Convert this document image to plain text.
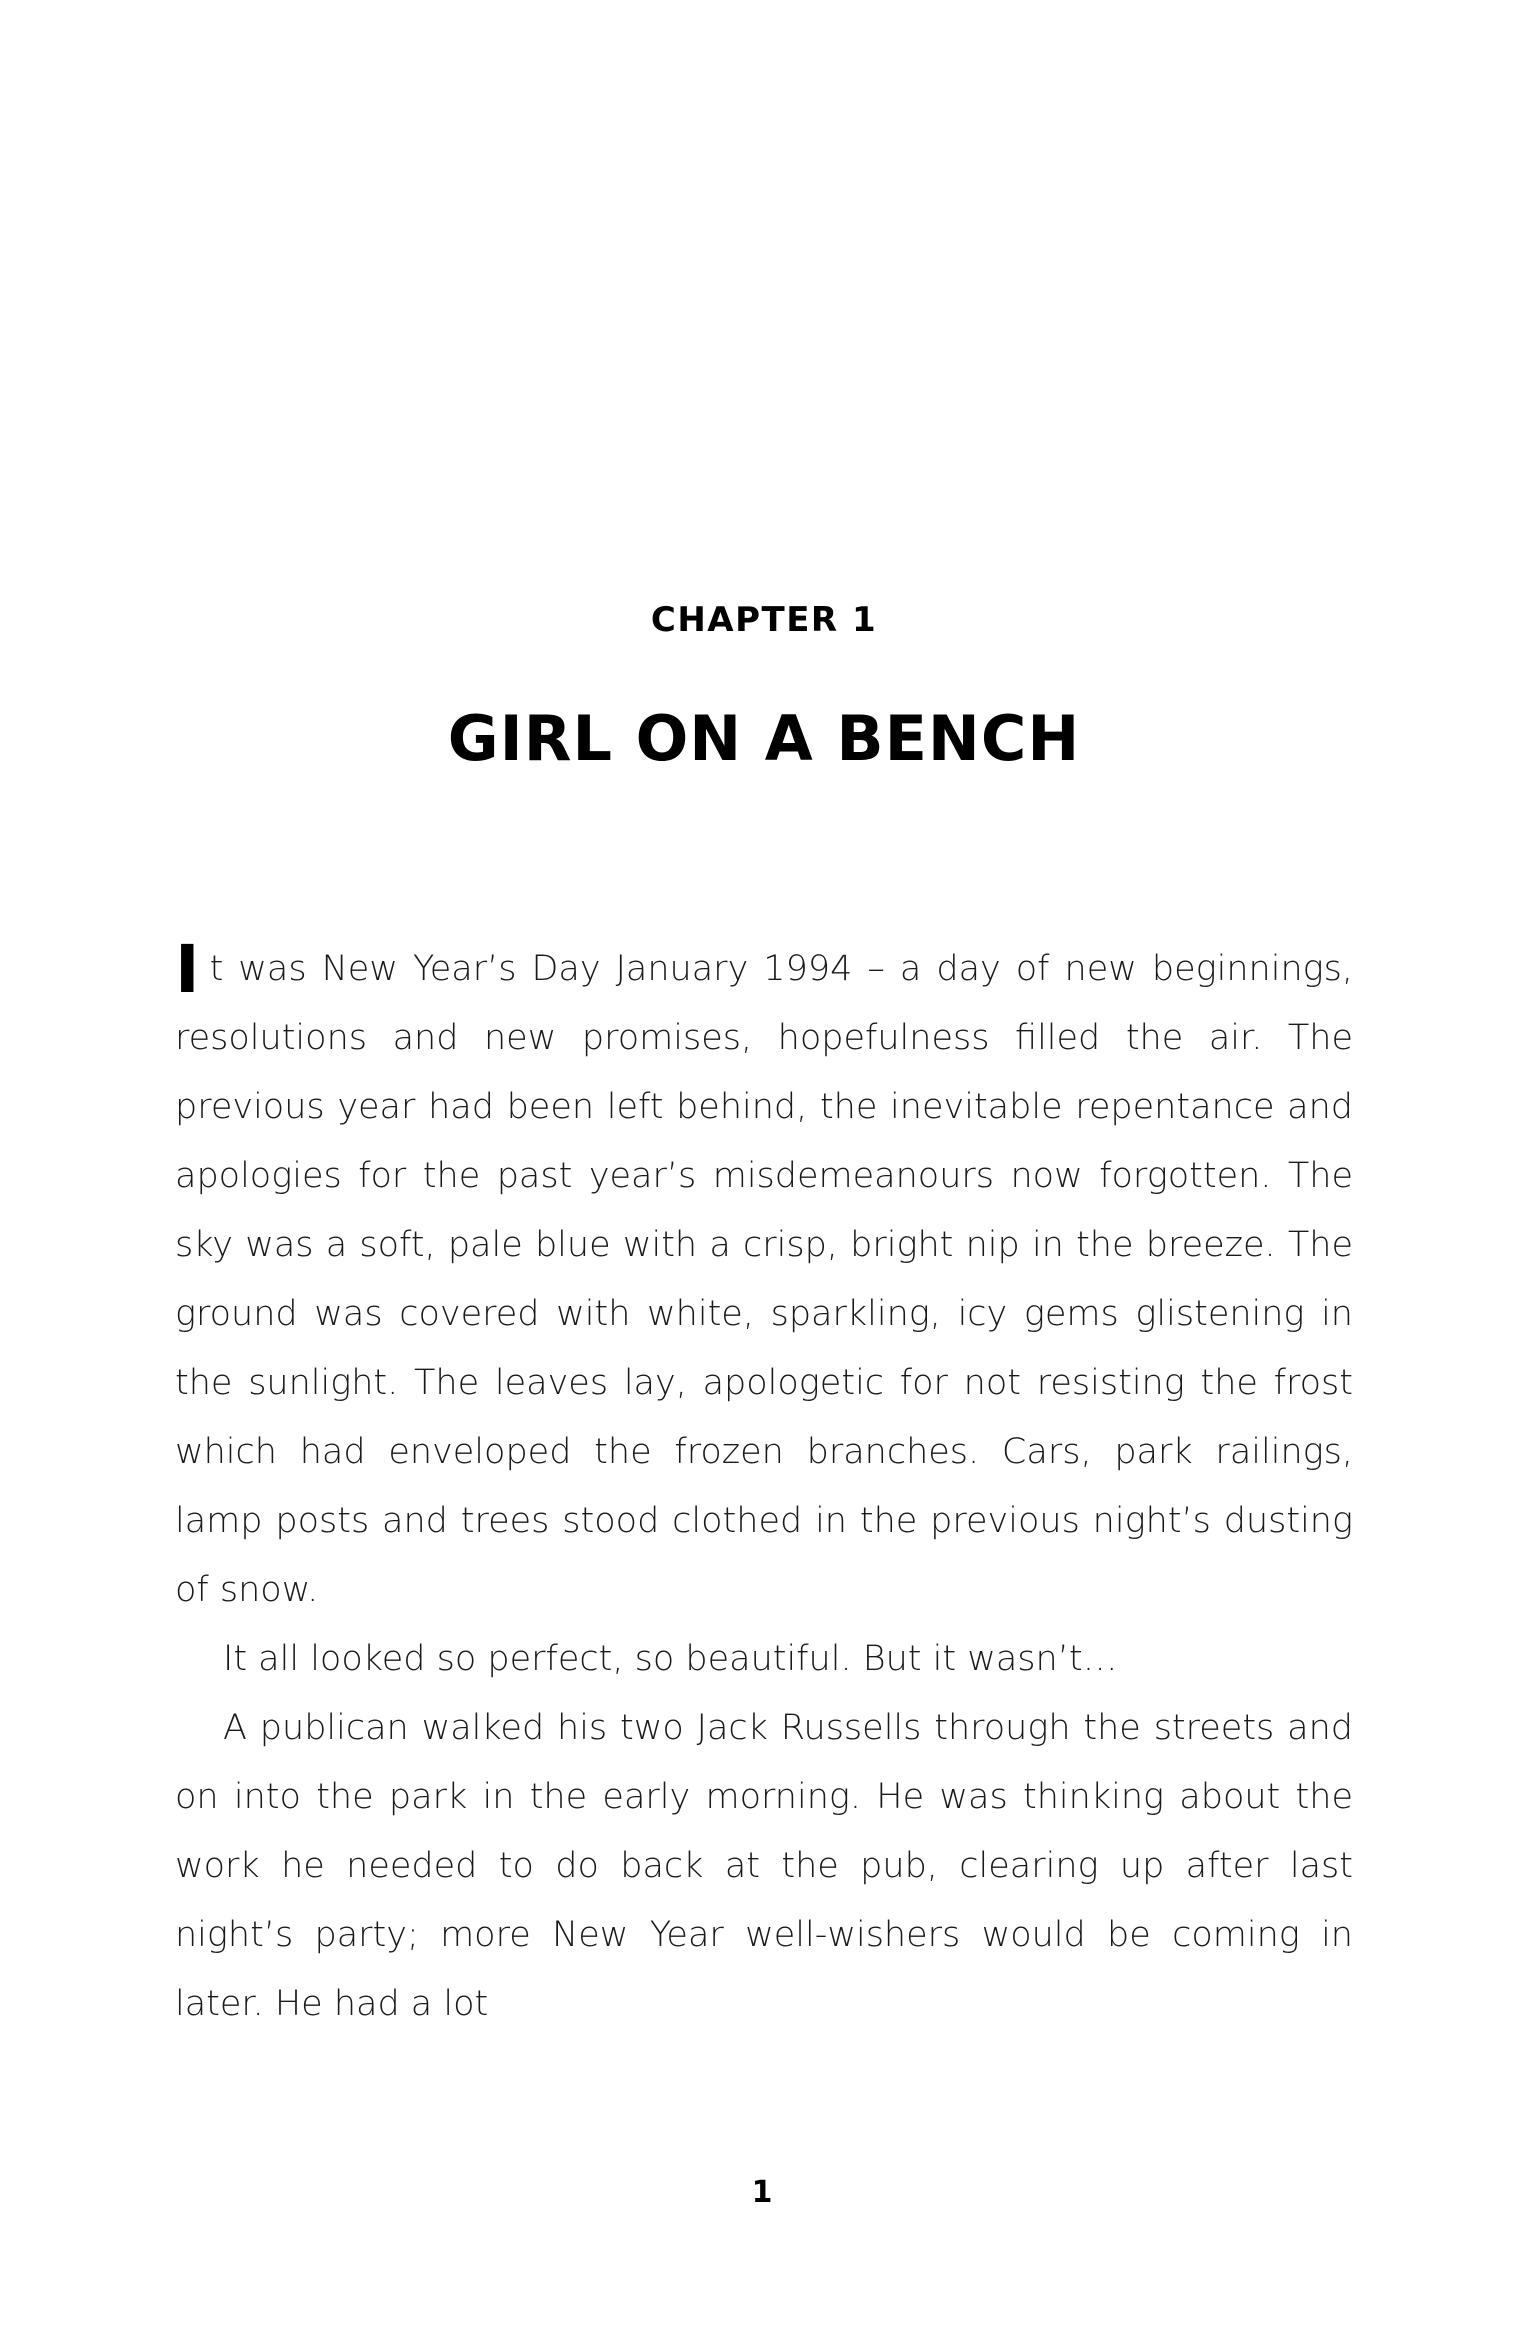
CHAPTER 1
GIRL ON A BENCH

It was New Year’s Day January 1994 – a day of new beginnings, resolutions and new promises, hopefulness filled the air. The previous year had been left behind, the inevitable repentance and apologies for the past year’s misdemeanours now forgotten. The sky was a soft, pale blue with a crisp, bright nip in the breeze. The ground was covered with white, sparkling, icy gems glistening in the sunlight. The leaves lay, apologetic for not resisting the frost which had enveloped the frozen branches. Cars, park railings, lamp posts and trees stood clothed in the previous night’s dusting of snow.

It all looked so perfect, so beautiful. But it wasn’t…

A publican walked his two Jack Russells through the streets and on into the park in the early morning. He was thinking about the work he needed to do back at the pub, clearing up after last night’s party; more New Year well-wishers would be coming in later. He had a lot

1
